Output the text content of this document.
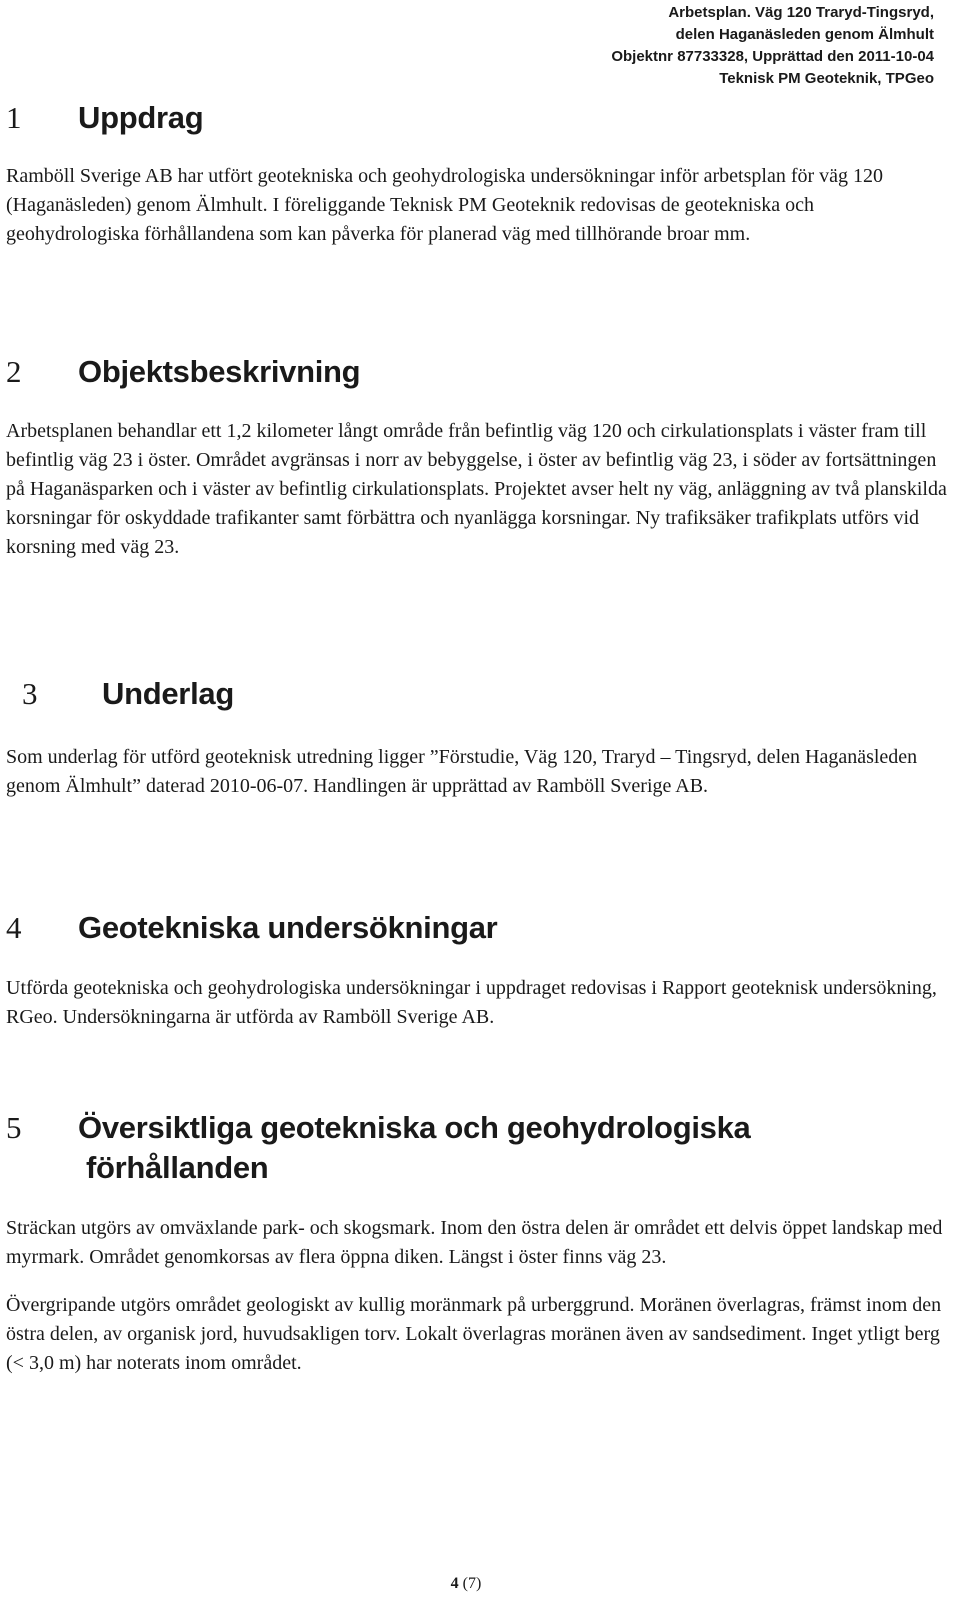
Arbetsplan. Väg 120 Traryd-Tingsryd,
delen Haganäsleden genom Älmhult
Objektnr 87733328, Upprättad den 2011-10-04
Teknisk PM Geoteknik, TPGeo
1	Uppdrag

Ramböll Sverige AB har utfört geotekniska och geohydrologiska undersökningar inför arbetsplan för väg 120 (Haganäsleden) genom Älmhult. I föreliggande Teknisk PM Geoteknik redovisas de geotekniska och geohydrologiska förhållandena som kan påverka för planerad väg med tillhörande broar mm.

2	Objektsbeskrivning

Arbetsplanen behandlar ett 1,2 kilometer långt område från befintlig väg 120 och cirkulationsplats i väster fram till befintlig väg 23 i öster. Området avgränsas i norr av bebyggelse, i öster av befintlig väg 23, i söder av fortsättningen på Haganäsparken och i väster av befintlig cirkulationsplats. Projektet avser helt ny väg, anläggning av två planskilda korsningar för oskyddade trafikanter samt förbättra och nyanlägga korsningar. Ny trafiksäker trafikplats utförs vid korsning med väg 23.

3	Underlag

Som underlag för utförd geoteknisk utredning ligger ”Förstudie, Väg 120, Traryd – Tingsryd, delen Haganäsleden genom Älmhult” daterad 2010-06-07. Handlingen är upprättad av Ramböll Sverige AB.

4	Geotekniska undersökningar

Utförda geotekniska och geohydrologiska undersökningar i uppdraget redovisas i Rapport geoteknisk undersökning, RGeo. Undersökningarna är utförda av Ramböll Sverige AB.

5	Översiktliga geotekniska och geohydrologiska
förhållanden

Sträckan utgörs av omväxlande park- och skogsmark. Inom den östra delen är området ett delvis öppet landskap med myrmark. Området genomkorsas av flera öppna diken. Längst i öster finns väg 23.

Övergripande utgörs området geologiskt av kullig moränmark på urberggrund. Moränen överlagras, främst inom den östra delen, av organisk jord, huvudsakligen torv. Lokalt överlagras moränen även av sandsediment. Inget ytligt berg (< 3,0 m) har noterats inom området.

4 (7)
